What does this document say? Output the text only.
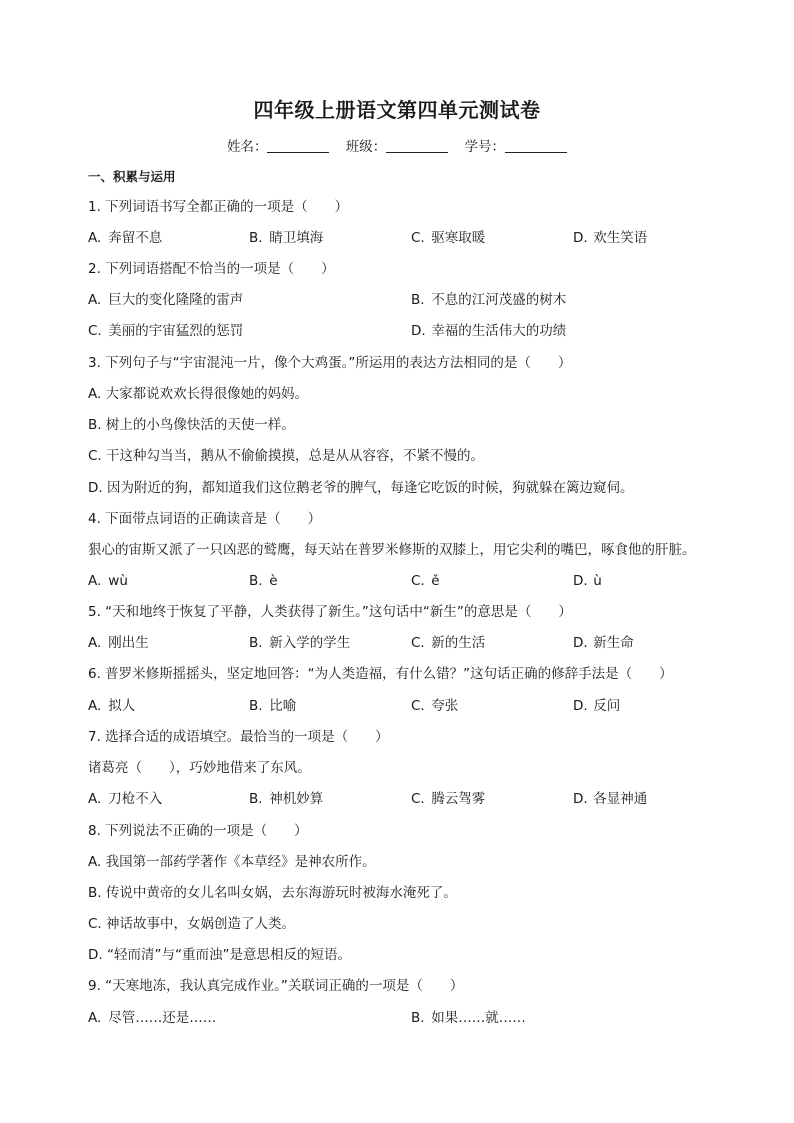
四年级上册语文第四单元测试卷
姓名：	班级：	学号：
一、积累与运用
1. 下列词语书写全都正确的一项是（　　）
A. 奔留不息	B. 睛卫填海	C. 驱寒取暖	D. 欢生笑语
2. 下列词语搭配不恰当的一项是（　　）
A. 巨大的变化隆隆的雷声	B. 不息的江河茂盛的树木
C. 美丽的宇宙猛烈的惩罚	D. 幸福的生活伟大的功绩
3. 下列句子与“宇宙混沌一片，像个大鸡蛋。”所运用的表达方法相同的是（　　）
A. 大家都说欢欢长得很像她的妈妈。
B. 树上的小鸟像快活的天使一样。
C. 干这种勾当当，鹅从不偷偷摸摸，总是从从容容，不紧不慢的。
D. 因为附近的狗，都知道我们这位鹅老爷的脾气，每逢它吃饭的时候，狗就躲在篱边窥伺。
4. 下面带点词语的正确读音是（　　）
狠心的宙斯又派了一只凶恶的鹫鹰，每天站在普罗米修斯的双膝上，用它尖利的嘴巴，啄食他的肝脏。
A. wù	B. è	C. ě	D. ù
5. “天和地终于恢复了平静，人类获得了新生。”这句话中“新生”的意思是（　　）
A. 刚出生	B. 新入学的学生	C. 新的生活	D. 新生命
6. 普罗米修斯摇摇头，坚定地回答：“为人类造福，有什么错？”这句话正确的修辞手法是（　　）
A. 拟人	B. 比喻	C. 夸张	D. 反问
7. 选择合适的成语填空。最恰当的一项是（　　）
诸葛亮（　　），巧妙地借来了东风。
A. 刀枪不入	B. 神机妙算	C. 腾云驾雾	D. 各显神通
8. 下列说法不正确的一项是（　　）
A. 我国第一部药学著作《本草经》是神农所作。
B. 传说中黄帝的女儿名叫女娲，去东海游玩时被海水淹死了。
C. 神话故事中，女娲创造了人类。
D. “轻而清”与“重而浊”是意思相反的短语。
9. “天寒地冻，我认真完成作业。”关联词正确的一项是（　　）
A. 尽管……还是……	B. 如果……就……
